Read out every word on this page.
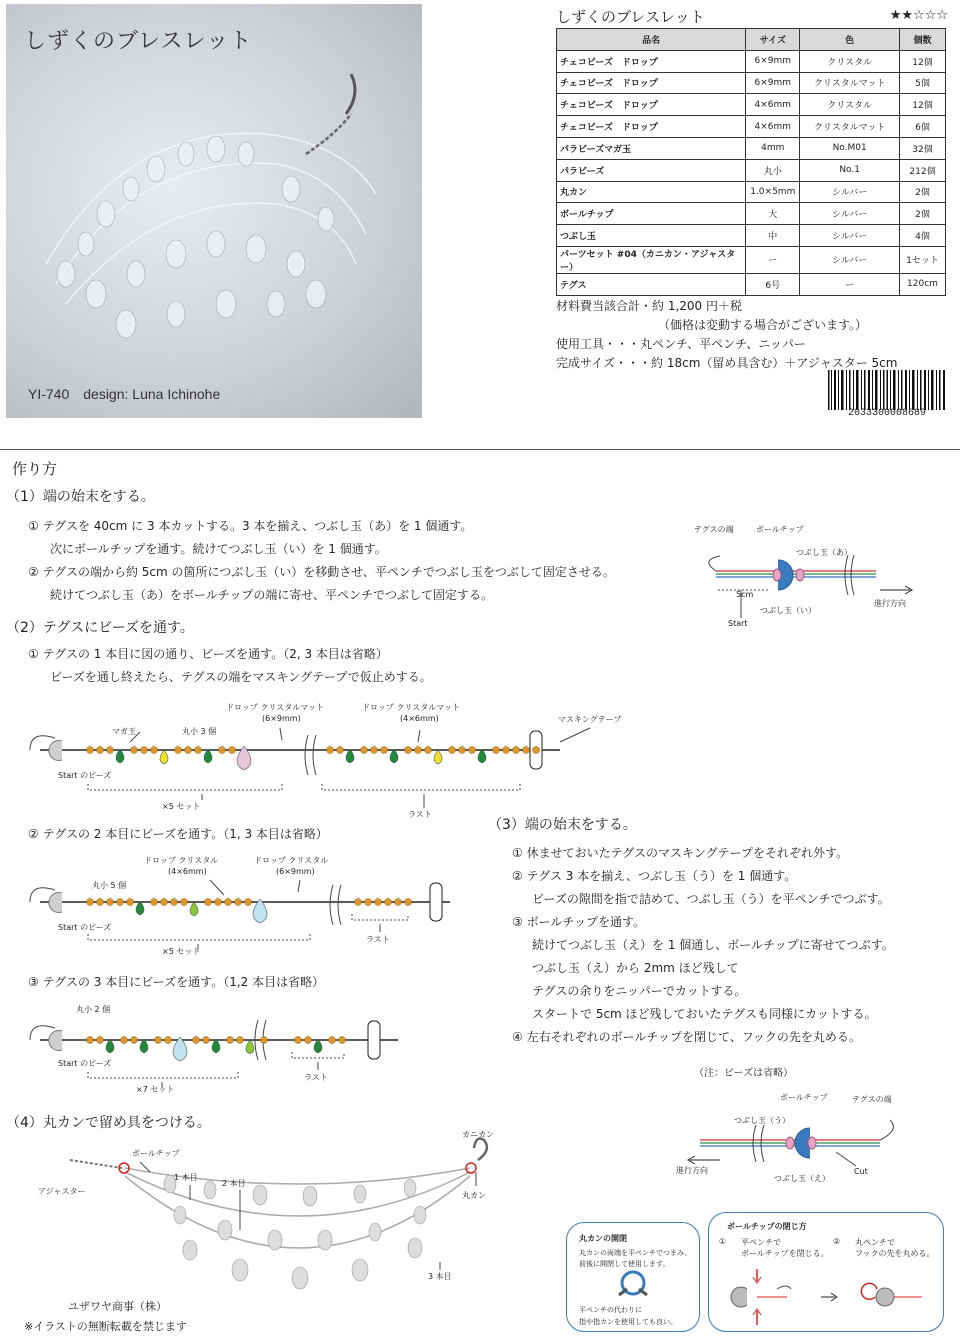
しずくのブレスレット
YI-740　design: Luna Ichinohe
しずくのブレスレット	★★☆☆☆
品名	サイズ	色	個数
チェコビーズ　ドロップ	6×9mm	クリスタル	12個
チェコビーズ　ドロップ	6×9mm	クリスタルマット	5個
チェコビーズ　ドロップ	4×6mm	クリスタル	12個
チェコビーズ　ドロップ	4×6mm	クリスタルマット	6個
パラビーズマガ玉	4mm	No.M01	32個
パラビーズ	丸小	No.1	212個
丸カン	1.0×5mm	シルバー	2個
ボールチップ	大	シルバー	2個
つぶし玉	中	シルバー	4個
パーツセット #04（カニカン・アジャスター）	ー	シルバー	1セット
テグス	6号	ー	120cm
材料費当該合計・約 1,200 円＋税
（価格は変動する場合がございます。）
使用工具・・・丸ペンチ、平ペンチ、ニッパー
完成サイズ・・・約 18cm（留め具含む）＋アジャスター 5cm
2033300008689
作り方
（1）端の始末をする。
① テグスを 40cm に 3 本カットする。3 本を揃え、つぶし玉（あ）を 1 個通す。
次にボールチップを通す。続けてつぶし玉（い）を 1 個通す。
② テグスの端から約 5cm の箇所につぶし玉（い）を移動させ、平ペンチでつぶし玉をつぶして固定させる。
続けてつぶし玉（あ）をボールチップの端に寄せ、平ペンチでつぶして固定する。
（2）テグスにビーズを通す。
① テグスの 1 本目に図の通り、ビーズを通す。（2, 3 本目は省略）
ビーズを通し終えたら、テグスの端をマスキングテープで仮止めする。
② テグスの 2 本目にビーズを通す。（1, 3 本目は省略）
③ テグスの 3 本目にビーズを通す。（1,2 本目は省略）
（3）端の始末をする。
① 休ませておいたテグスのマスキングテープをそれぞれ外す。
② テグス 3 本を揃え、つぶし玉（う）を 1 個通す。
ビーズの隙間を指で詰めて、つぶし玉（う）を平ペンチでつぶす。
③ ボールチップを通す。
続けてつぶし玉（え）を 1 個通し、ボールチップに寄せてつぶす。
つぶし玉（え）から 2mm ほど残して
テグスの余りをニッパーでカットする。
スタートで 5cm ほど残しておいたテグスも同様にカットする。
④ 左右それぞれのボールチップを閉じて、フックの先を丸める。
（注：ビーズは省略）
（4）丸カンで留め具をつける。
テグスの端	ボールチップ
つぶし玉（あ）
5cm
つぶし玉（い）
Start
進行方向
マガ玉	丸小 3 個
ドロップ クリスタルマット
(6×9mm)
ドロップ クリスタルマット
(4×6mm)	マスキングテープ
Start のビーズ
×5 セット
ラスト
丸小 5 個
ドロップ クリスタル
(4×6mm)
ドロップ クリスタル
(6×9mm)
Start のビーズ
×5 セット
ラスト
丸小 2 個
Start のビーズ
×7 セット
ラスト
ボールチップ	テグスの端
つぶし玉（う）
進行方向	Cut
つぶし玉（え）
カニカン
ボールチップ
アジャスター
1 本目
2 本目
丸カン
3 本目
丸カンの開閉
丸カンの両端を平ペンチでつまみ、
前後に開閉して使用します。
平ペンチの代わりに
指や指カンを使用しても良い。
ボールチップの閉じ方
① 平ペンチで
ボールチップを閉じる。
② 丸ペンチで
フックの先を丸める。
ユザワヤ商事（株）
※イラストの無断転載を禁じます
